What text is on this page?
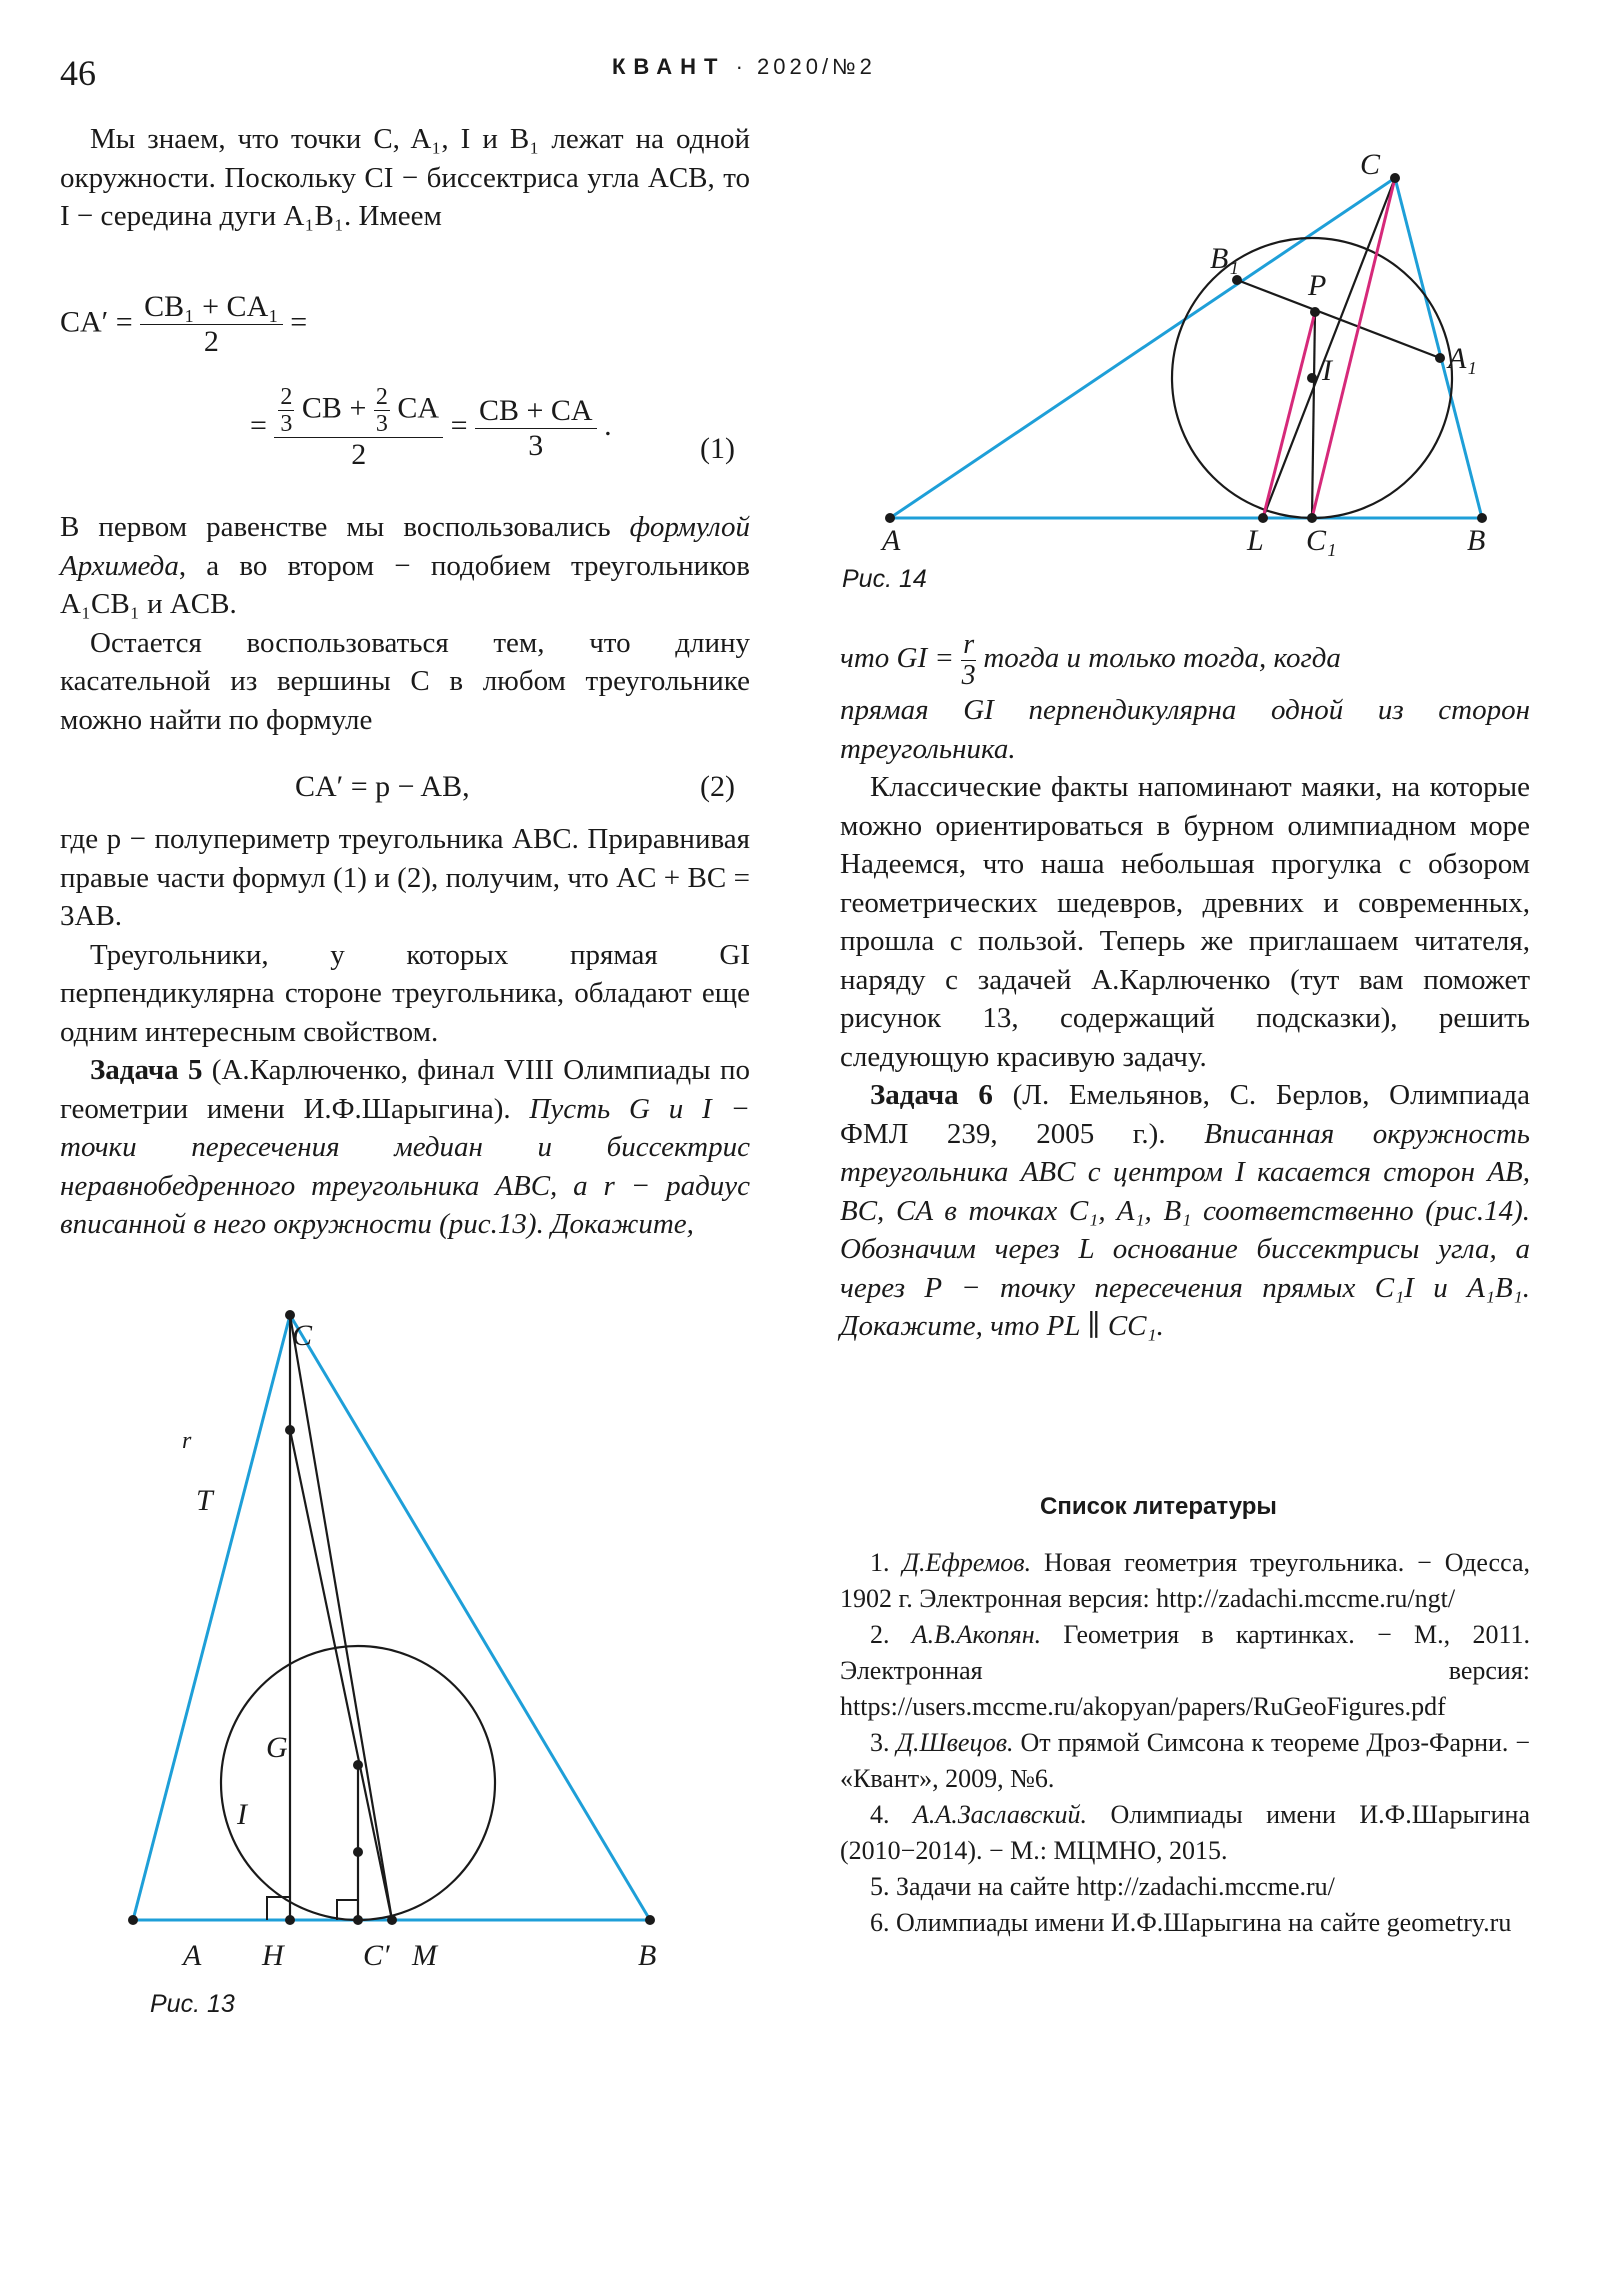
46	КВАНТ · 2020/№2

Мы знаем, что точки C, A₁, I и B₁ лежат на одной окружности. Поскольку CI − биссектриса угла ACB, то I − середина дуги A₁B₁. Имеем

$CA' = \frac{\text{CB₁ + CA₁}}{2}$ =
= $\frac{\frac{2}{3} CB + \frac{2}{3} CA}{2} = \frac{CB + CA}{3}$ .
(1)

В первом равенстве мы воспользовались формулой Архимеда, а во втором − подобием треугольников A₁CB₁ и ACB.

Остается воспользоваться тем, что длину касательной из вершины C в любом треугольнике можно найти по формуле

CA′ = p − AB,	(2)

где p − полупериметр треугольника ABC. Приравнивая правые части формул (1) и (2), получим, что AC + BC = 3AB.

Треугольники, у которых прямая GI перпендикулярна стороне треугольника, обладают еще одним интересным свойством.

Задача 5 (А.Карлюченко, финал VIII Олимпиады по геометрии имени И.Ф.Шарыгина). Пусть G и I − точки пересечения медиан и биссектрис неравнобедренного треугольника ABC, а r − радиус вписанной в него окружности (рис.13). Докажите,

C
r
T
G
I
A H	C′ M	B
Рис. 13
C
B₁
P
A₁
I
A	L C₁	B
Рис. 14

что GI = $\frac{r}{3}$ тогда и только тогда, когда

прямая GI перпендикулярна одной из сторон треугольника.

Классические факты напоминают маяки, на которые можно ориентироваться в бурном олимпиадном море Надеемся, что наша небольшая прогулка с обзором геометрических шедевров, древних и современных, прошла с пользой. Теперь же приглашаем читателя, наряду с задачей А.Карлюченко (тут вам поможет рисунок 13, содержащий подсказки), решить следующую красивую задачу.

Задача 6 (Л. Емельянов, С. Берлов, Олимпиада ФМЛ 239, 2005 г.). Вписанная окружность треугольника ABC с центром I касается сторон AB, BC, CA в точках C₁, A₁, B₁ соответственно (рис.14). Обозначим через L основание биссектрисы угла, а через P − точку пересечения прямых C₁I и A₁B₁. Докажите, что PL ∥ CC₁.

Список литературы

1. Д.Ефремов. Новая геометрия треугольника. − Одесса, 1902 г. Электронная версия: http://zadachi.mccme.ru/ngt/

2. А.В.Акопян. Геометрия в картинках. − М., 2011. Электронная версия: https://users.mccme.ru/akopyan/papers/RuGeoFigures.pdf

3. Д.Швецов. От прямой Симсона к теореме Дроз-Фарни. − «Квант», 2009, №6.

4. А.А.Заславский. Олимпиады имени И.Ф.Шарыгина (2010−2014). − М.: МЦМНО, 2015.

5. Задачи на сайте http://zadachi.mccme.ru/

6. Олимпиады имени И.Ф.Шарыгина на сайте geometry.ru
